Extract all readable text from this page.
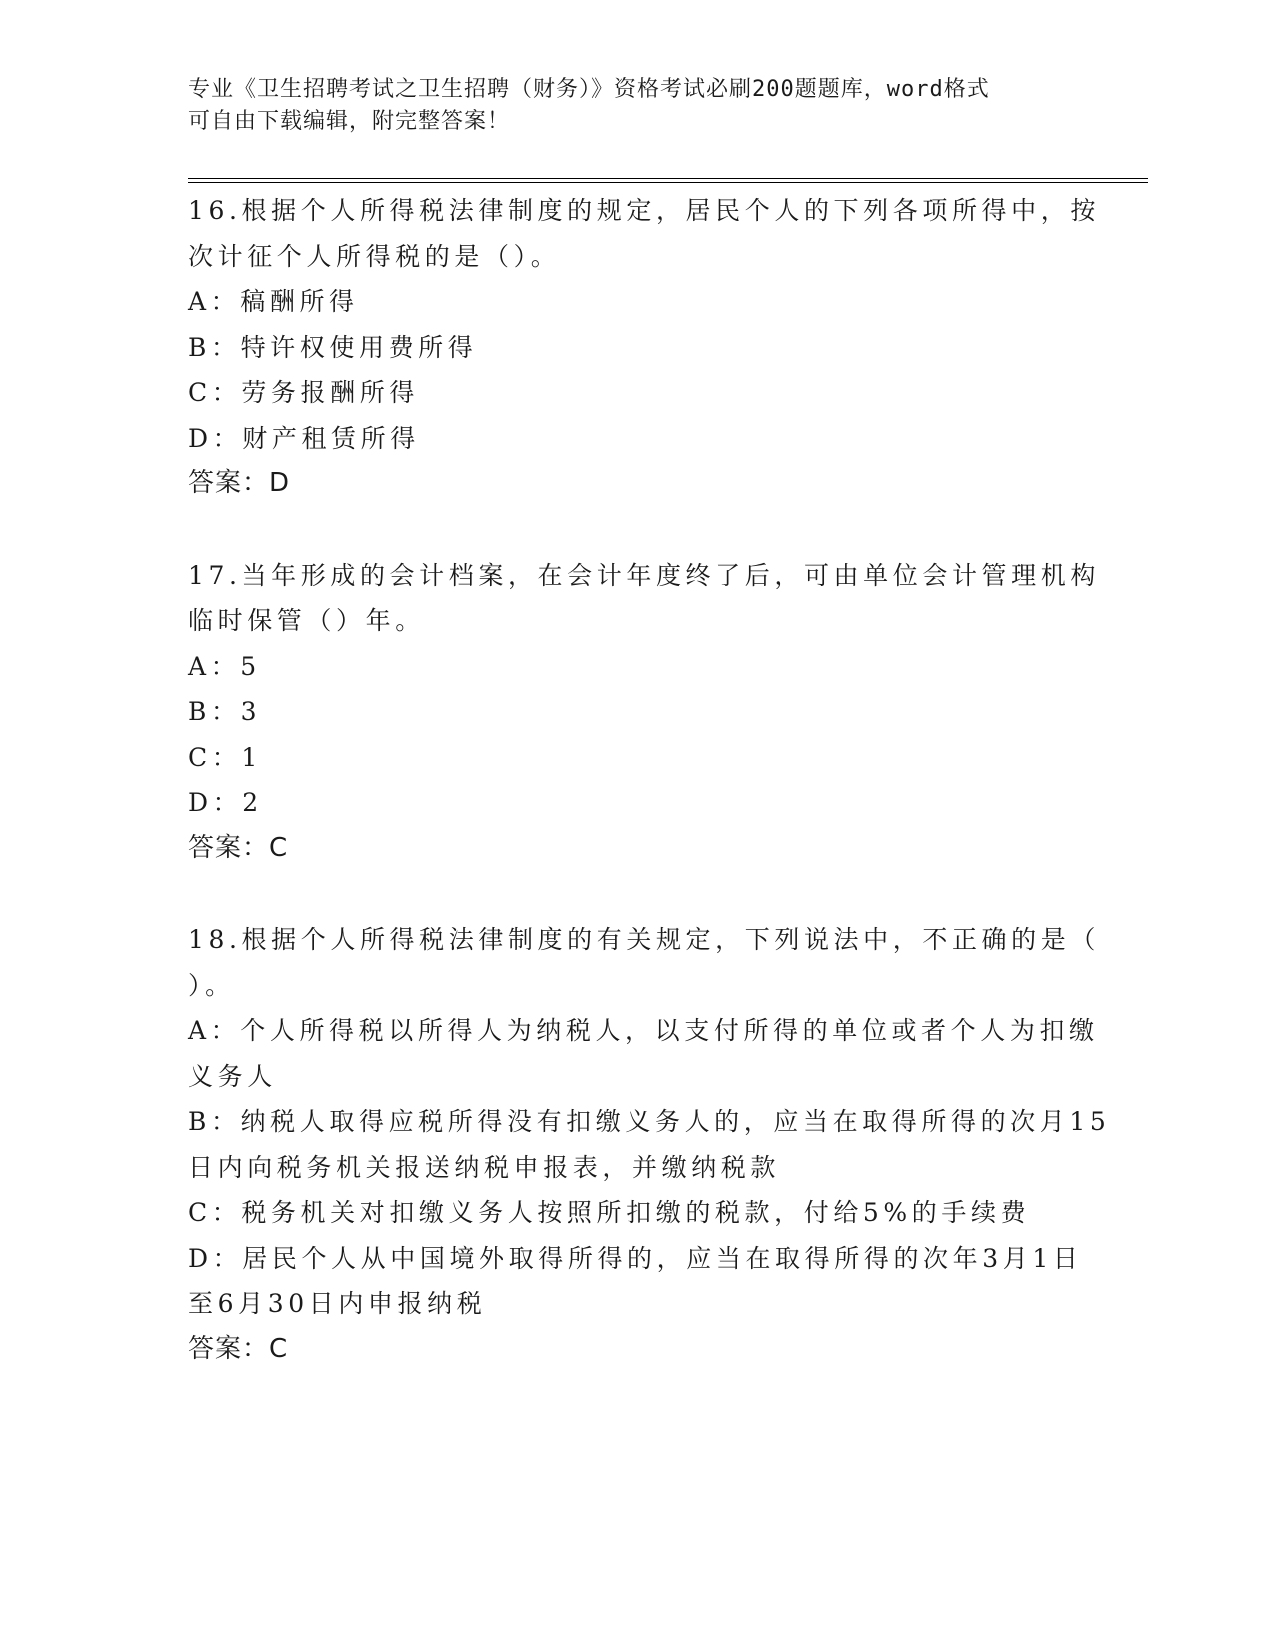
专业《卫生招聘考试之卫生招聘（财务）》资格考试必刷200题题库，word格式
可自由下载编辑，附完整答案！
16.根据个人所得税法律制度的规定，居民个人的下列各项所得中，按
次计征个人所得税的是（）。
A：稿酬所得
B：特许权使用费所得
C：劳务报酬所得
D：财产租赁所得
答案：D
17.当年形成的会计档案，在会计年度终了后，可由单位会计管理机构
临时保管（）年。
A：5
B：3
C：1
D：2
答案：C
18.根据个人所得税法律制度的有关规定，下列说法中，不正确的是（
）。
A：个人所得税以所得人为纳税人，以支付所得的单位或者个人为扣缴
义务人
B：纳税人取得应税所得没有扣缴义务人的，应当在取得所得的次月15
日内向税务机关报送纳税申报表，并缴纳税款
C：税务机关对扣缴义务人按照所扣缴的税款，付给5%的手续费
D：居民个人从中国境外取得所得的，应当在取得所得的次年3月1日
至6月30日内申报纳税
答案：C
